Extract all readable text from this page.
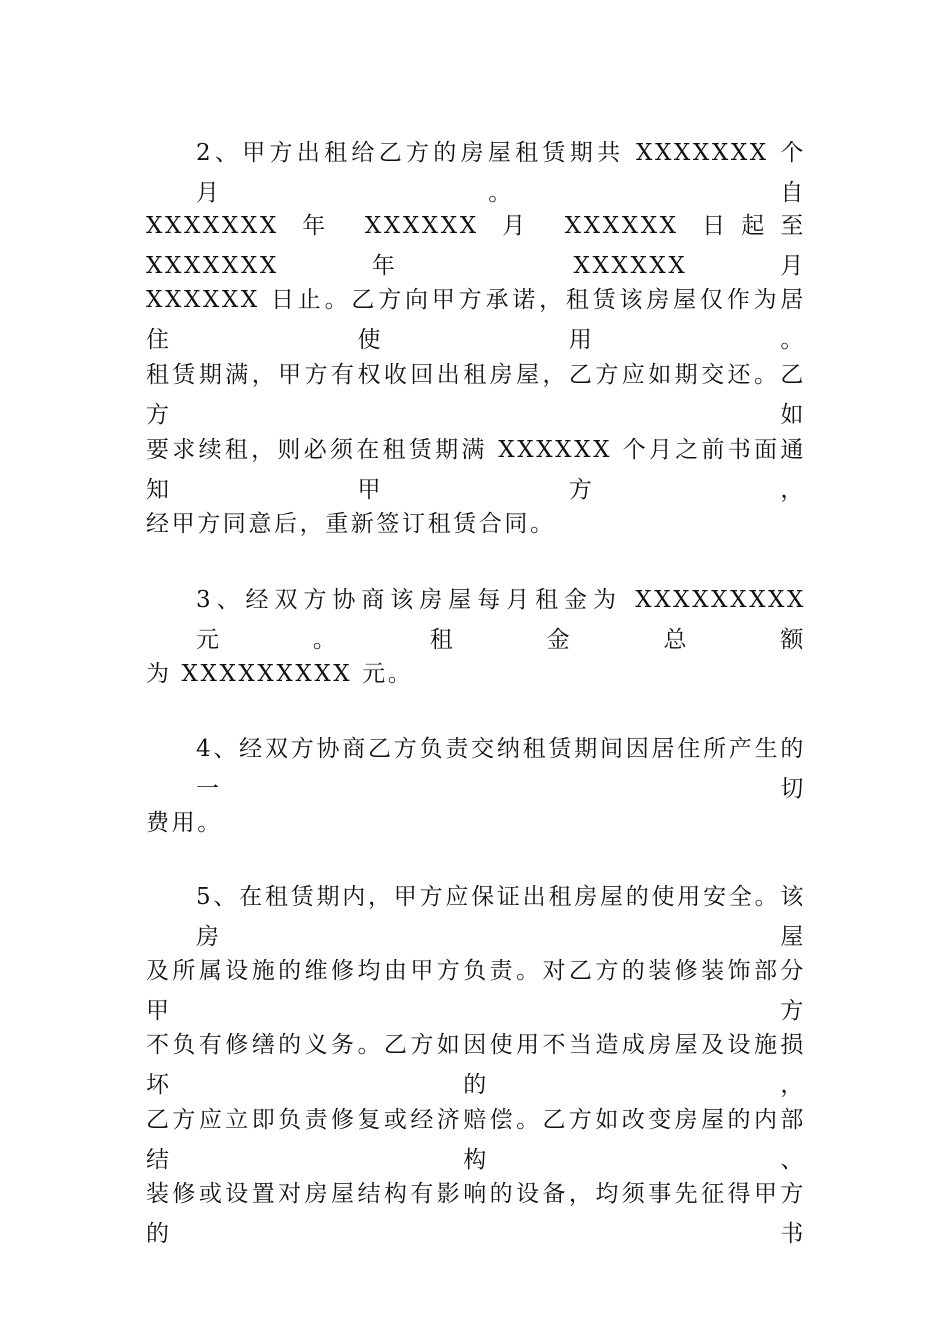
2、甲方出租给乙方的房屋租赁期共 XXXXXXX 个月。自
XXXXXXX 年 XXXXXX 月 XXXXXX 日起至 XXXXXXX 年 XXXXXX 月
XXXXXX 日止。乙方向甲方承诺，租赁该房屋仅作为居住使用。
租赁期满，甲方有权收回出租房屋，乙方应如期交还。乙方如
要求续租，则必须在租赁期满 XXXXXX 个月之前书面通知甲方，
经甲方同意后，重新签订租赁合同。
3、经双方协商该房屋每月租金为 XXXXXXXXX 元。租金总额
为 XXXXXXXXX 元。
4、经双方协商乙方负责交纳租赁期间因居住所产生的一切
费用。
5、在租赁期内，甲方应保证出租房屋的使用安全。该房屋
及所属设施的维修均由甲方负责。对乙方的装修装饰部分甲方
不负有修缮的义务。乙方如因使用不当造成房屋及设施损坏的，
乙方应立即负责修复或经济赔偿。乙方如改变房屋的内部结构、
装修或设置对房屋结构有影响的设备，均须事先征得甲方的书
